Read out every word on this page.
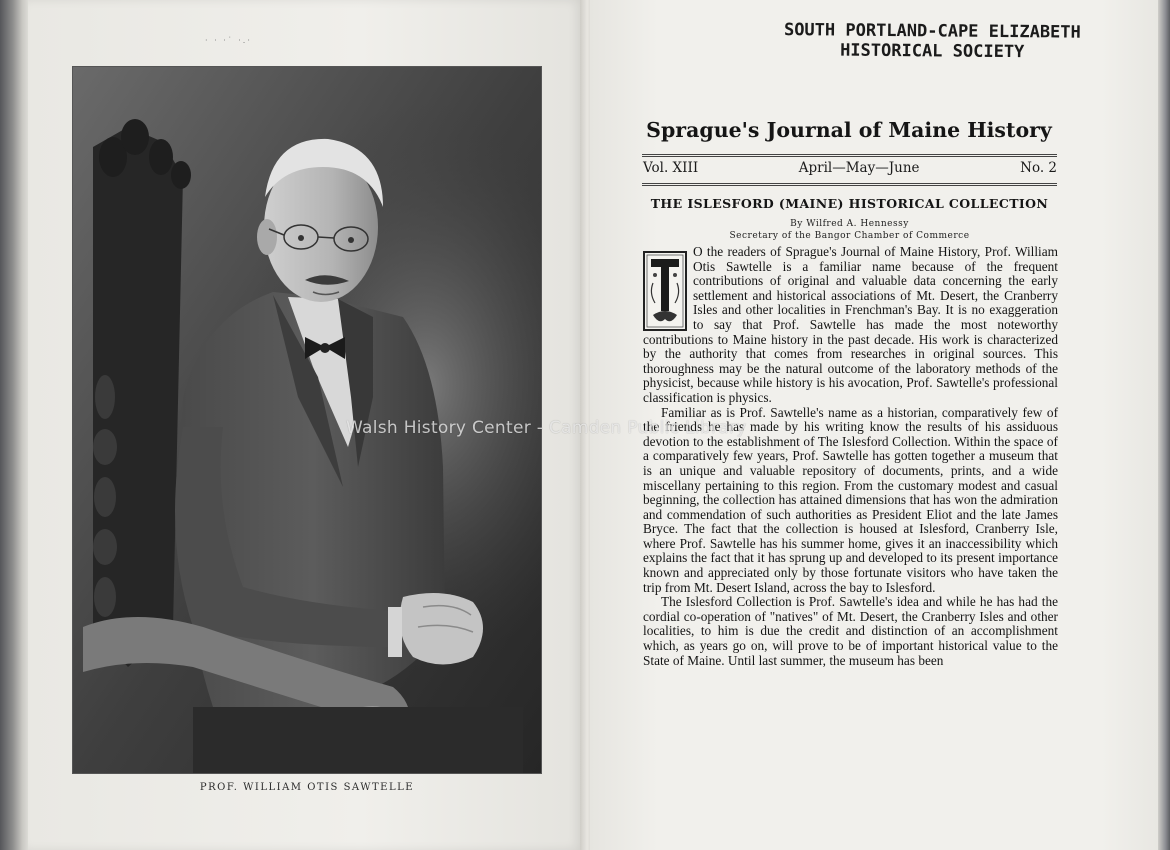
· · ·˙ ·.·
PROF. WILLIAM OTIS SAWTELLE
SOUTH PORTLAND-CAPE ELIZABETH
HISTORICAL SOCIETY
Sprague's Journal of Maine History
Vol. XIII	April—May—June	No. 2
THE ISLESFORD (MAINE) HISTORICAL COLLECTION
By Wilfred A. Hennessy
Secretary of the Bangor Chamber of Commerce

O the readers of Sprague's Journal of Maine History, Prof. William Otis Sawtelle is a familiar name because of the frequent contributions of original and valuable data concerning the early settlement and historical associations of Mt. Desert, the Cranberry Isles and other localities in Frenchman's Bay. It is no exaggeration to say that Prof. Sawtelle has made the most noteworthy contributions to Maine history in the past decade. His work is characterized by the authority that comes from researches in original sources. This thoroughness may be the natural outcome of the laboratory methods of the physicist, because while history is his avocation, Prof. Sawtelle's professional classification is physics.

Familiar as is Prof. Sawtelle's name as a historian, comparatively few of the friends he has made by his writing know the results of his assiduous devotion to the establishment of The Islesford Collection. Within the space of a comparatively few years, Prof. Sawtelle has gotten together a museum that is an unique and valuable repository of documents, prints, and a wide miscellany pertaining to this region. From the customary modest and casual beginning, the collection has attained dimensions that has won the admiration and commendation of such authorities as President Eliot and the late James Bryce. The fact that the collection is housed at Islesford, Cranberry Isle, where Prof. Sawtelle has his summer home, gives it an inaccessibility which explains the fact that it has sprung up and developed to its present importance known and appreciated only by those fortunate visitors who have taken the trip from Mt. Desert Island, across the bay to Islesford.

The Islesford Collection is Prof. Sawtelle's idea and while he has had the cordial co-operation of "natives" of Mt. Desert, the Cranberry Isles and other localities, to him is due the credit and distinction of an accomplishment which, as years go on, will prove to be of important historical value to the State of Maine. Until last summer, the museum has been

Walsh History Center - Camden Public Library
